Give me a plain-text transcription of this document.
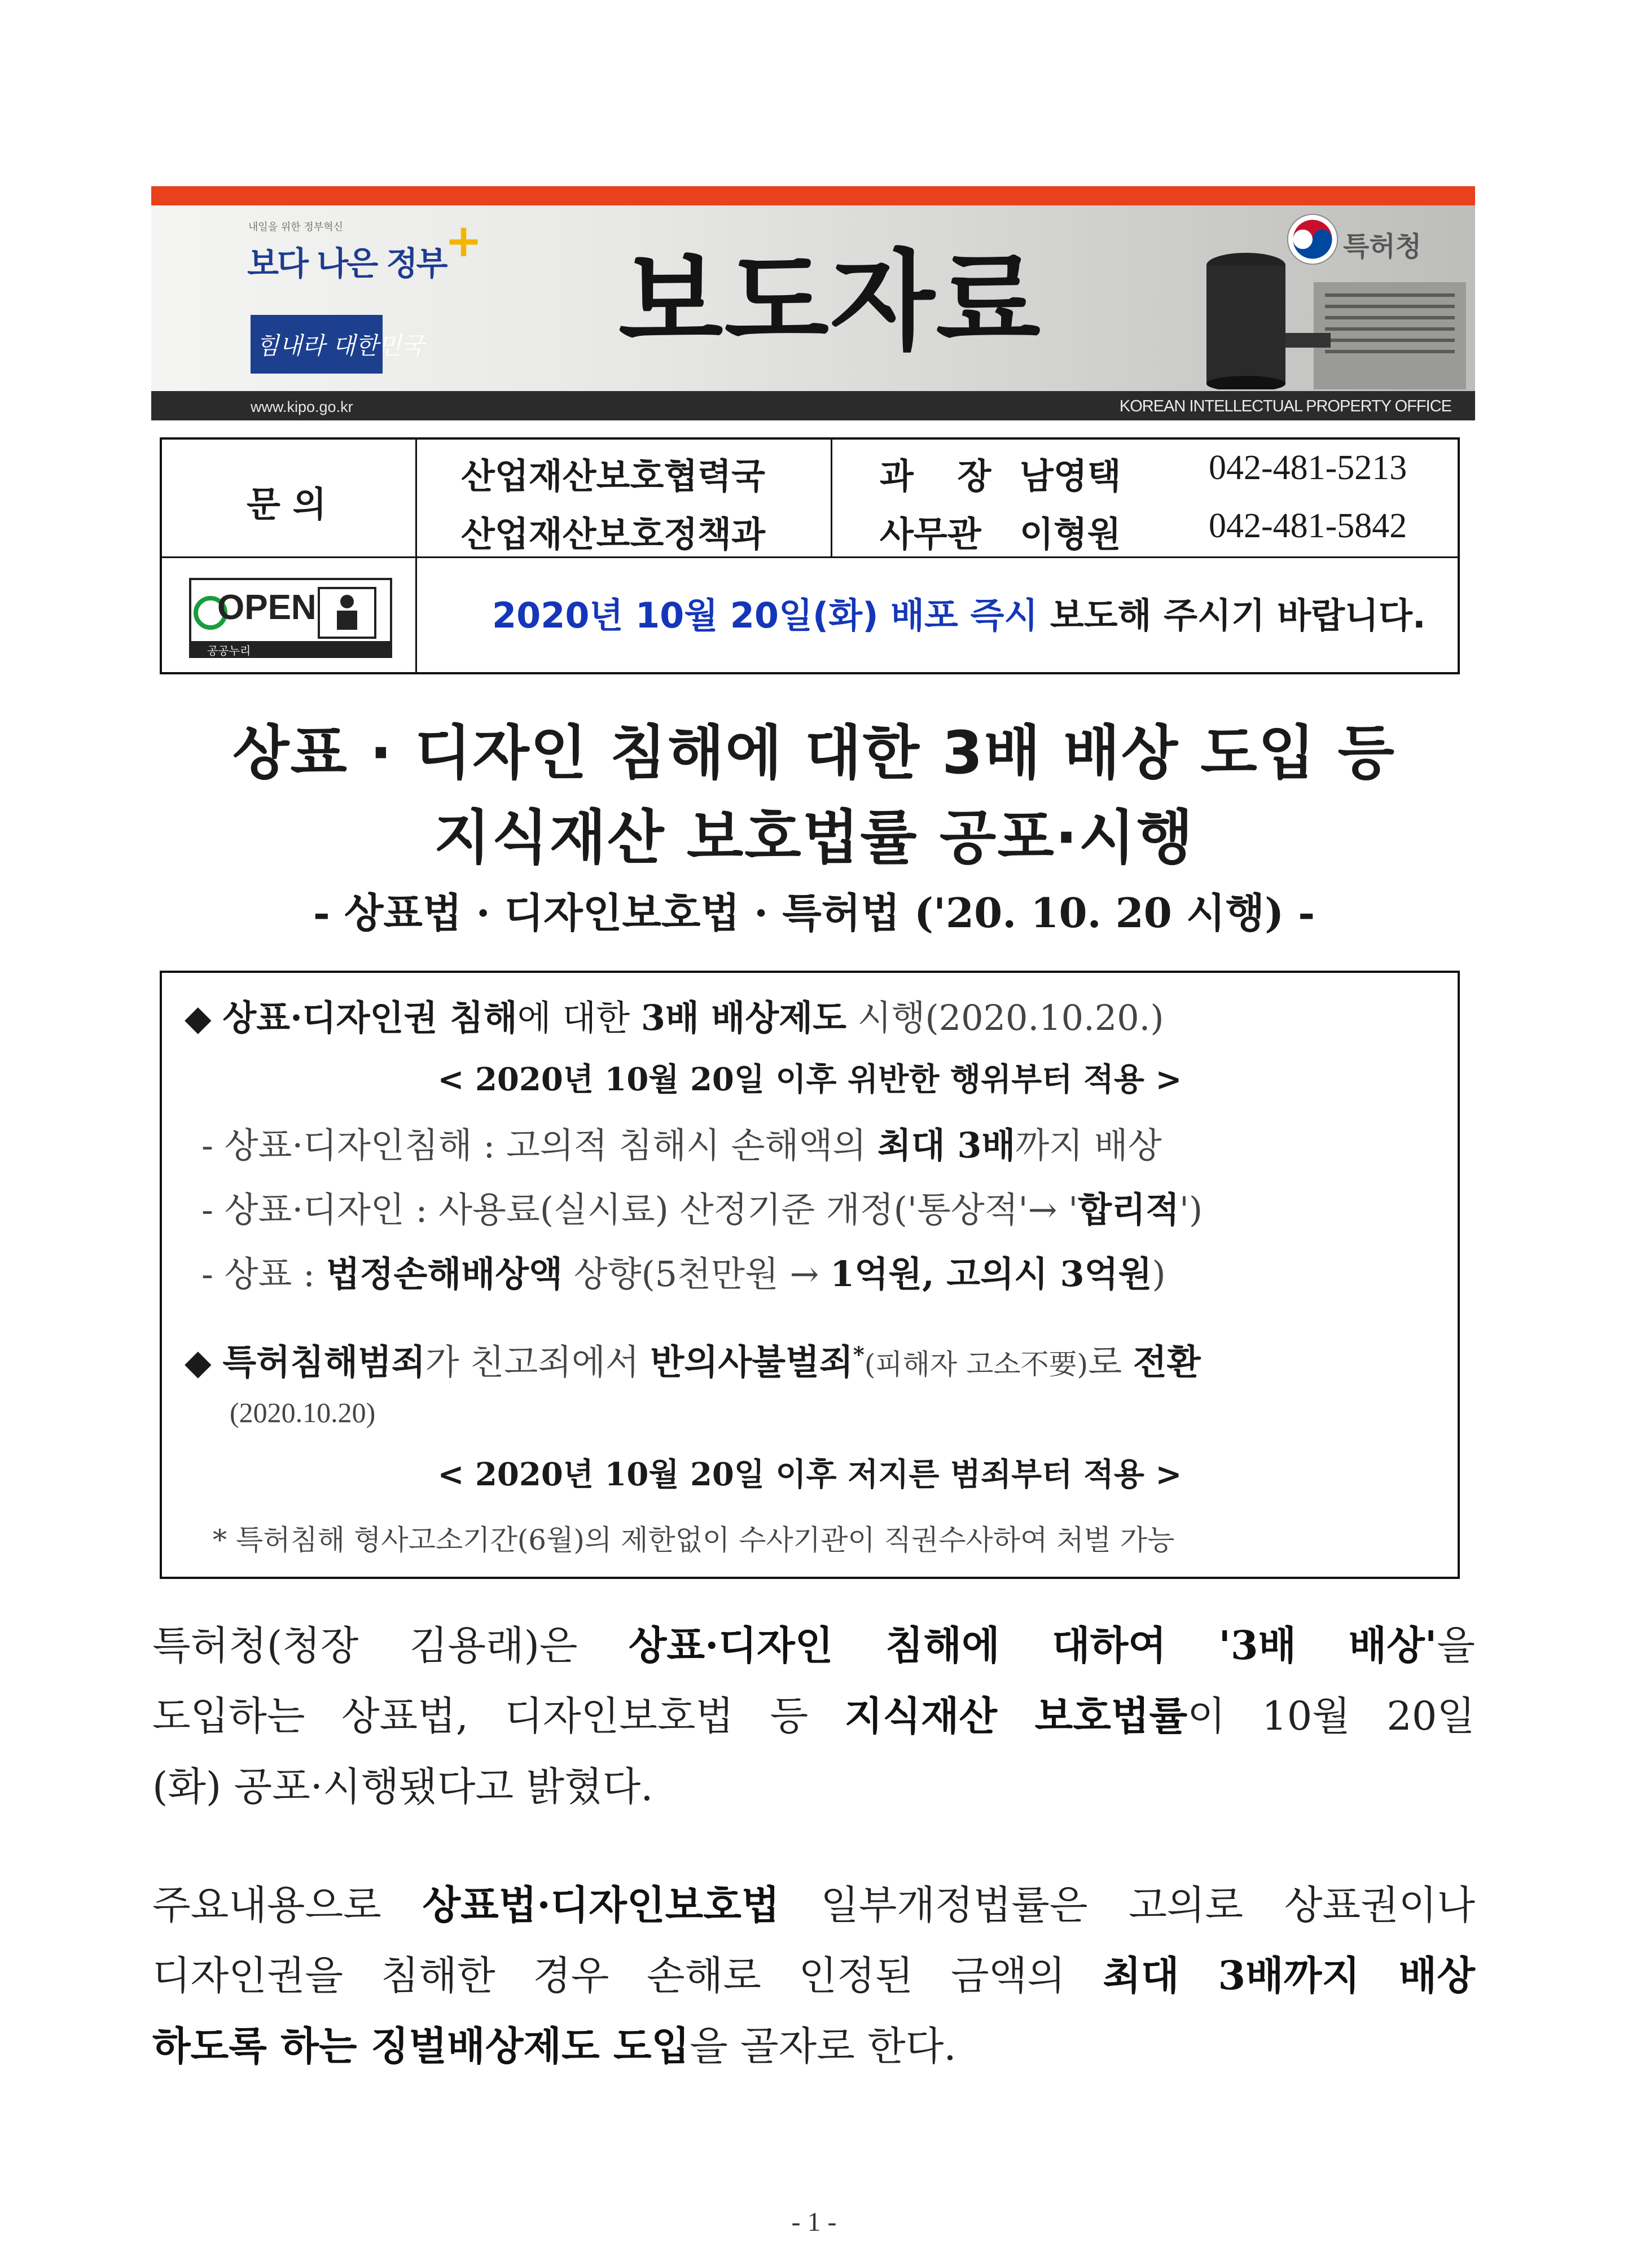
내일을 위한 정부혁신
보다 나은 정부
+
힘내라 대한민국 보도자료	특허청
www.kipo.go.kr	KOREAN INTELLECTUAL PROPERTY OFFICE
문 의
산업재산보호협력국
산업재산보호정책과
과 장 남영택	042-481-5213
사무관 이형원	042-481-5842
OPEN
공공누리
2020년 10월 20일(화) 배포 즉시 보도해 주시기 바랍니다.
상표 · 디자인 침해에 대한 3배 배상 도입 등
지식재산 보호법률 공포·시행
- 상표법 · 디자인보호법 · 특허법 ('20. 10. 20 시행) -
◆ 상표·디자인권 침해에 대한 3배 배상제도 시행(2020.10.20.)
< 2020년 10월 20일 이후 위반한 행위부터 적용 >
- 상표·디자인침해 : 고의적 침해시 손해액의 최대 3배까지 배상
- 상표·디자인 : 사용료(실시료) 산정기준 개정('통상적'→ '합리적')
- 상표 : 법정손해배상액 상향(5천만원 → 1억원, 고의시 3억원)
◆ 특허침해범죄가 친고죄에서 반의사불벌죄*(피해자 고소不要)로 전환
(2020.10.20)
< 2020년 10월 20일 이후 저지른 범죄부터 적용 >
* 특허침해 형사고소기간(6월)의 제한없이 수사기관이 직권수사하여 처벌 가능
특허청(청장 김용래)은 상표·디자인 침해에 대하여 '3배 배상'을
도입하는 상표법, 디자인보호법 등 지식재산 보호법률이 10월 20일
(화) 공포·시행됐다고 밝혔다.
주요내용으로 상표법·디자인보호법 일부개정법률은 고의로 상표권이나
디자인권을 침해한 경우 손해로 인정된 금액의 최대 3배까지 배상
하도록 하는 징벌배상제도 도입을 골자로 한다.
- 1 -
